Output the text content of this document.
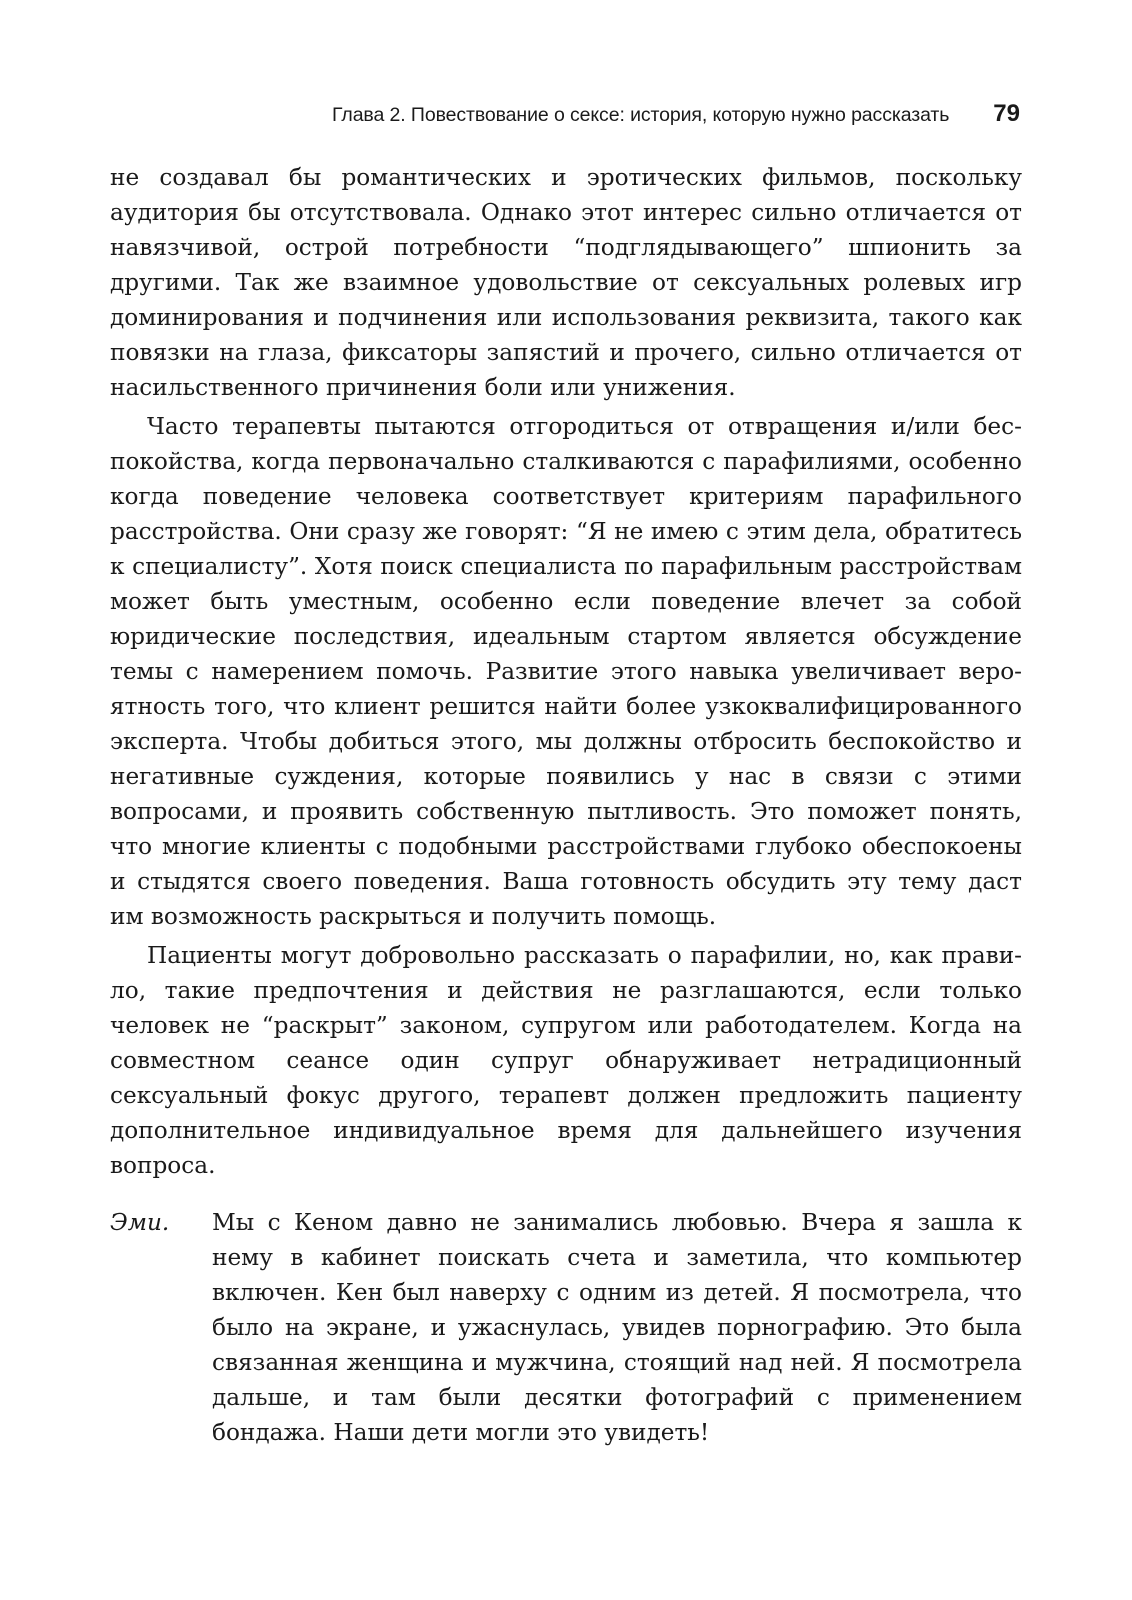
Глава 2. Повествование о сексе: история, которую нужно рассказать 79

не создавал бы романтических и эротических фильмов, поскольку аудитория бы отсутствовала. Однако этот интерес сильно отличается от навязчивой, острой потребности “подглядывающего” шпионить за другими. Так же взаимное удовольствие от сексуальных ролевых игр доминирования и подчинения или использования реквизита, такого как повязки на глаза, фиксаторы запястий и прочего, сильно отличается от насильственного причинения боли или унижения.

Часто терапевты пытаются отгородиться от отвращения и/или беспокойства, когда первоначально сталкиваются с парафилиями, особенно когда поведение человека соответствует критериям парафильного расстройства. Они сразу же говорят: “Я не имею с этим дела, обратитесь к специалисту”. Хотя поиск специалиста по парафильным расстройствам может быть уместным, особенно если поведение влечет за собой юридические последствия, идеальным стартом является обсуждение темы с намерением помочь. Развитие этого навыка увеличивает вероятность того, что клиент решится найти более узкоквалифицированного эксперта. Чтобы добиться этого, мы должны отбросить беспокойство и негативные суждения, которые появились у нас в связи с этими вопросами, и проявить собственную пытливость. Это поможет понять, что многие клиенты с подобными расстройствами глубоко обеспокоены и стыдятся своего поведения. Ваша готовность обсудить эту тему даст им возможность раскрыться и получить помощь.

Пациенты могут добровольно рассказать о парафилии, но, как правило, такие предпочтения и действия не разглашаются, если только человек не “раскрыт” законом, супругом или работодателем. Когда на совместном сеансе один супруг обнаруживает нетрадиционный сексуальный фокус другого, терапевт должен предложить пациенту дополнительное индивидуальное время для дальнейшего изучения вопроса.

Эми.	Мы с Кеном давно не занимались любовью. Вчера я зашла к нему в кабинет поискать счета и заметила, что компьютер включен. Кен был наверху с одним из детей. Я посмотрела, что было на экране, и ужаснулась, увидев порнографию. Это была связанная женщина и мужчина, стоящий над ней. Я посмотрела дальше, и там были десятки фотографий с применением бондажа. Наши дети могли это увидеть!
